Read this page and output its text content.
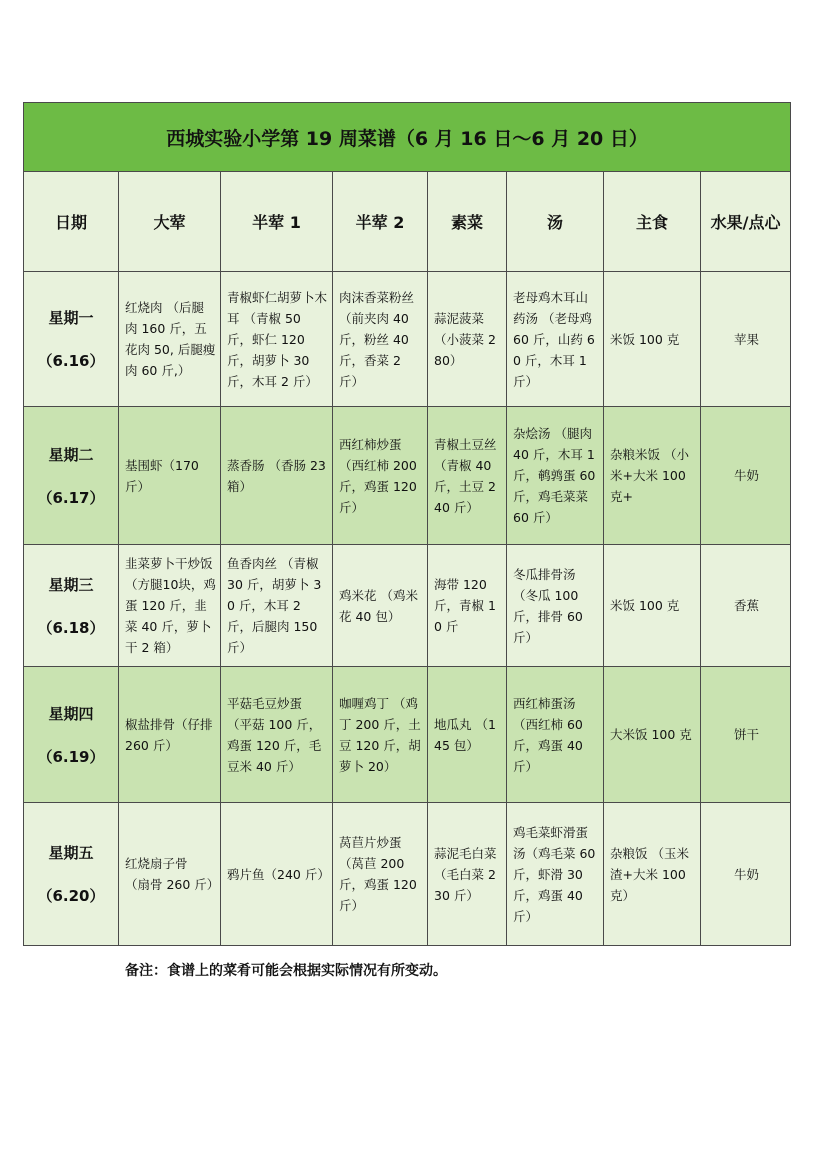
西城实验小学第 19 周菜谱（6 月 16 日～6 月 20 日）							
日期	大荤	半荤 1	半荤 2	素菜	汤	主食	水果/点心

星期一
（6.16）	红烧肉 （后腿肉 160 斤，五花肉 50, 后腿瘦肉 60 斤,）	青椒虾仁胡萝卜木耳 （青椒 50 斤，虾仁 120 斤，胡萝卜 30 斤，木耳 2 斤）	肉沫香菜粉丝 （前夹肉 40 斤，粉丝 40 斤，香菜 2 斤）	蒜泥菠菜 （小菠菜 280）	老母鸡木耳山药汤 （老母鸡 60 斤，山药 60 斤，木耳 1 斤）	米饭 100 克	苹果

星期二
（6.17）	基围虾（170 斤）	蒸香肠 （香肠 23 箱）	西红柿炒蛋 （西红柿 200 斤，鸡蛋 120 斤）	青椒土豆丝 （青椒 40 斤，土豆 240 斤）	杂烩汤 （腿肉 40 斤，木耳 1 斤，鹌鹑蛋 60 斤，鸡毛菜菜 60 斤）	杂粮米饭 （小米+大米 100 克+	牛奶

星期三
（6.18）	韭菜萝卜干炒饭（方腿10块，鸡蛋 120 斤，韭菜 40 斤，萝卜干 2 箱）	鱼香肉丝 （青椒 30 斤，胡萝卜 30 斤，木耳 2 斤，后腿肉 150 斤）	鸡米花 （鸡米花 40 包）	海带 120 斤，青椒 10 斤	冬瓜排骨汤 （冬瓜 100 斤，排骨 60 斤）	米饭 100 克	香蕉

星期四
（6.19）	椒盐排骨（仔排 260 斤）	平菇毛豆炒蛋 （平菇 100 斤，鸡蛋 120 斤，毛豆米 40 斤）	咖喱鸡丁 （鸡丁 200 斤，土豆 120 斤，胡萝卜 20）	地瓜丸 （145 包）	西红柿蛋汤 （西红柿 60 斤，鸡蛋 40 斤）	大米饭 100 克	饼干

星期五
（6.20）	红烧扇子骨 （扇骨 260 斤）	鸦片鱼（240 斤）	莴苣片炒蛋 （莴苣 200 斤，鸡蛋 120 斤）	蒜泥毛白菜（毛白菜 230 斤）	鸡毛菜虾滑蛋汤（鸡毛菜 60 斤，虾滑 30 斤，鸡蛋 40 斤）	杂粮饭 （玉米渣+大米 100 克）	牛奶
备注：食谱上的菜肴可能会根据实际情况有所变动。
